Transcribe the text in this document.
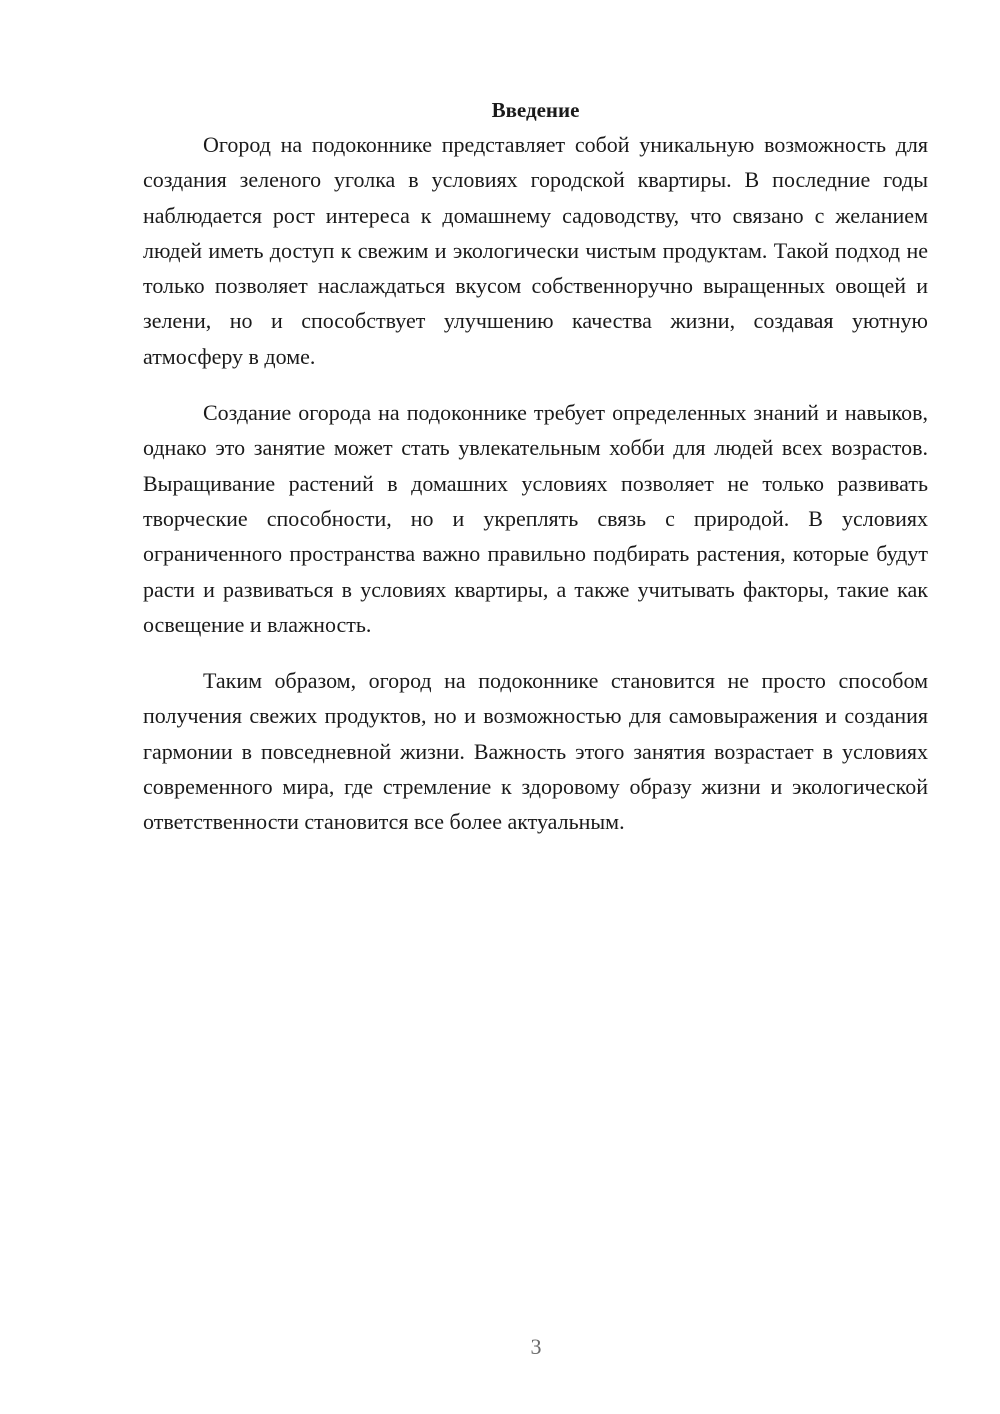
Введение

Огород на подоконнике представляет собой уникальную возможность для создания зеленого уголка в условиях городской квартиры. В последние годы наблюдается рост интереса к домашнему садоводству, что связано с желанием людей иметь доступ к свежим и экологически чистым продуктам. Такой подход не только позволяет наслаждаться вкусом собственноручно выращенных овощей и зелени, но и способствует улучшению качества жизни, создавая уютную атмосферу в доме.

Создание огорода на подоконнике требует определенных знаний и навыков, однако это занятие может стать увлекательным хобби для людей всех возрастов. Выращивание растений в домашних условиях позволяет не только развивать творческие способности, но и укреплять связь с природой. В условиях ограниченного пространства важно правильно подбирать растения, которые будут расти и развиваться в условиях квартиры, а также учитывать факторы, такие как освещение и влажность.

Таким образом, огород на подоконнике становится не просто способом получения свежих продуктов, но и возможностью для самовыражения и создания гармонии в повседневной жизни. Важность этого занятия возрастает в условиях современного мира, где стремление к здоровому образу жизни и экологической ответственности становится все более актуальным.

3
